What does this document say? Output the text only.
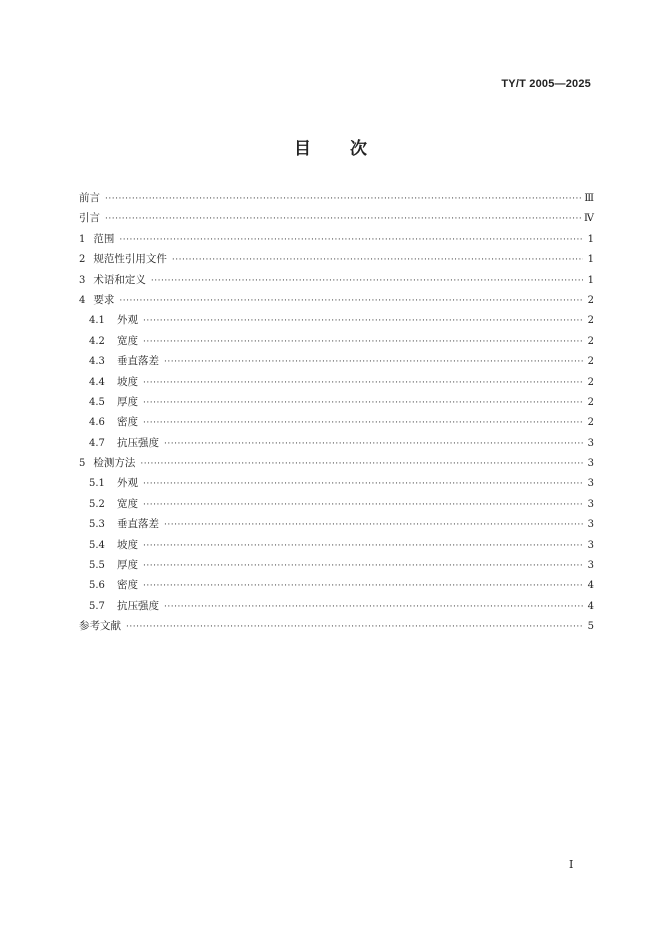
TY/T 2005—2025
目 次
前言 ·····	Ⅲ
引言 ·····	Ⅳ
1 范围 ·····	1
2 规范性引用文件 ·····	1
3 术语和定义 ·····	1
4 要求 ·····	2
4.1	外观 ·····	2
4.2	宽度 ·····	2
4.3	垂直落差 ·····	2
4.4	坡度 ·····	2
4.5	厚度 ·····	2
4.6	密度 ·····	2
4.7	抗压强度 ·····	3
5 检测方法 ·····	3
5.1	外观 ·····	3
5.2	宽度 ·····	3
5.3	垂直落差 ·····	3
5.4	坡度 ·····	3
5.5	厚度 ·····	3
5.6	密度 ·····	4
5.7	抗压强度 ·····	4
参考文献 ·····	5
I
